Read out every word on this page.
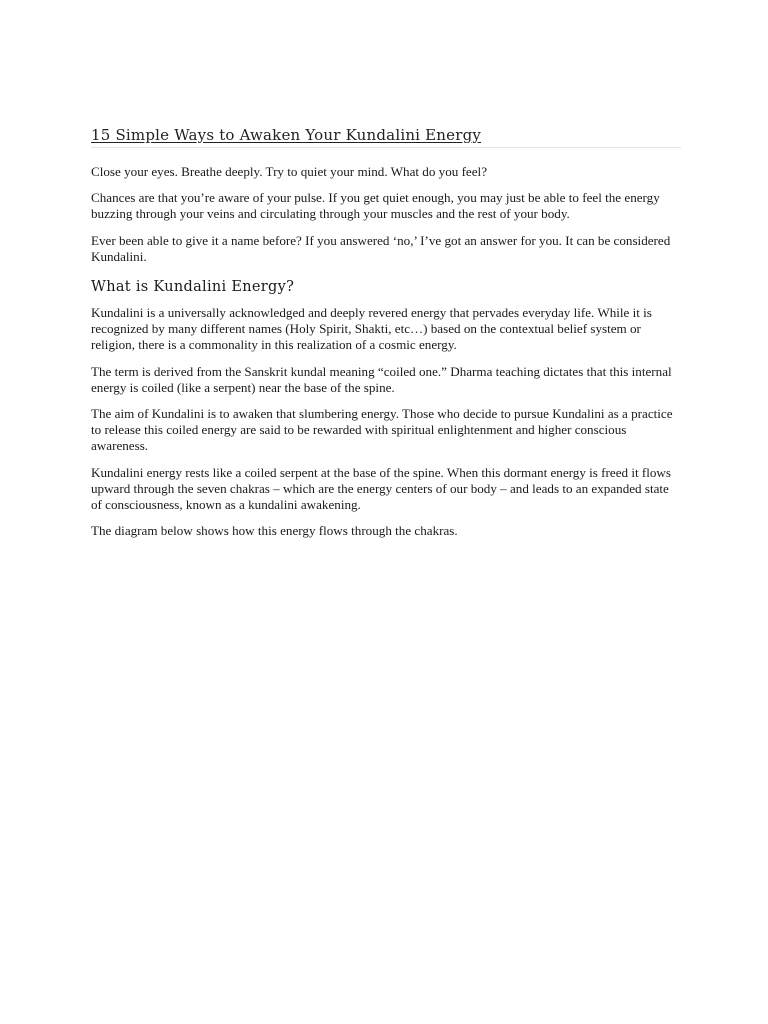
15 Simple Ways to Awaken Your Kundalini Energy

Close your eyes. Breathe deeply. Try to quiet your mind. What do you feel?

Chances are that you’re aware of your pulse. If you get quiet enough, you may just be able to feel the energy buzzing through your veins and circulating through your muscles and the rest of your body.

Ever been able to give it a name before? If you answered ‘no,’ I’ve got an answer for you. It can be considered Kundalini.

What is Kundalini Energy?

Kundalini is a universally acknowledged and deeply revered energy that pervades everyday life. While it is recognized by many different names (Holy Spirit, Shakti, etc…) based on the contextual belief system or religion, there is a commonality in this realization of a cosmic energy.

The term is derived from the Sanskrit kundal meaning “coiled one.” Dharma teaching dictates that this internal energy is coiled (like a serpent) near the base of the spine.

The aim of Kundalini is to awaken that slumbering energy. Those who decide to pursue Kundalini as a practice to release this coiled energy are said to be rewarded with spiritual enlightenment and higher conscious awareness.

Kundalini energy rests like a coiled serpent at the base of the spine. When this dormant energy is freed it flows upward through the seven chakras – which are the energy centers of our body – and leads to an expanded state of consciousness, known as a kundalini awakening.

The diagram below shows how this energy flows through the chakras.
